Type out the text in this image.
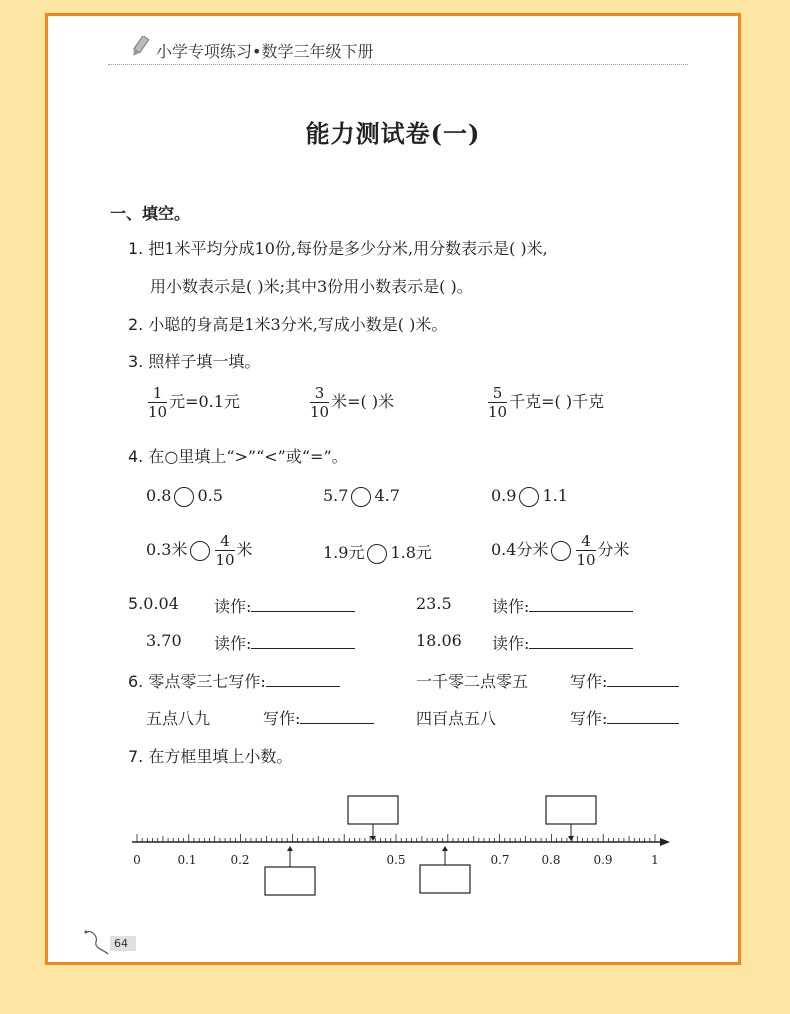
小学专项练习•数学三年级下册
能力测试卷(一)
一、填空。
1. 把1米平均分成10份,每份是多少分米,用分数表示是( )米,
用小数表示是( )米;其中3份用小数表示是( )。
2. 小聪的身高是1米3分米,写成小数是( )米。
3. 照样子填一填。
$\frac{1}{10}$ 元=0.1元	$\frac{3}{10}$ 米=( )米	$\frac{5}{10}$ 千克=( )千克
4. 在○里填上“>”“<”或“=”。
0.8 0.5	5.7 4.7	0.9 1.1
0.3米 $\frac{4}{10}$ 米	1.9元 1.8元	0.4分米 $\frac{4}{10}$ 分米
5.0.04 读作:	23.5	读作:
3.70 读作:	18.06 读作:
6. 零点零三七写作:	一千零二点零五	写作:
五点八九	写作:	四百点五八	写作:
7. 在方框里填上小数。
0	0.1	0.2	0.5	0.7	0.8	0.9	1
64
